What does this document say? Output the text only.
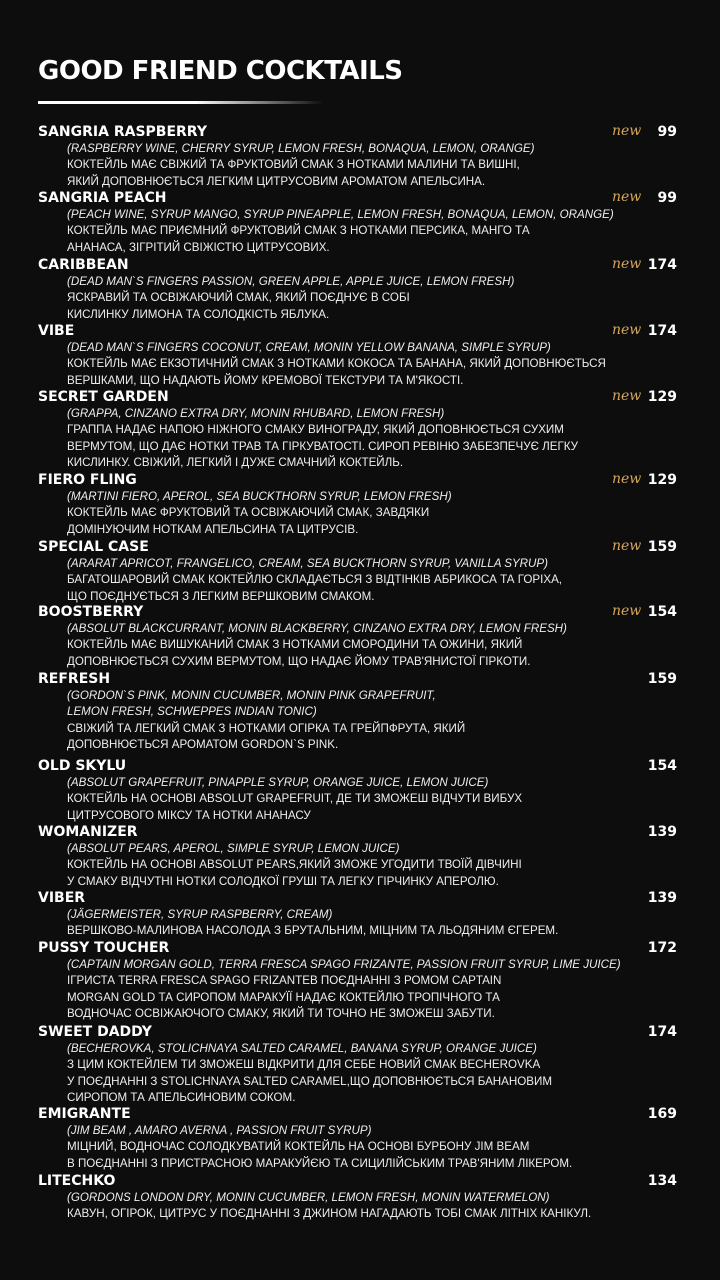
GOOD FRIEND COCKTAILS
SANGRIA RASPBERRY	new 99
(RASPBERRY WINE, CHERRY SYRUP, LEMON FRESH, BONAQUA, LEMON, ORANGE)
КОКТЕЙЛЬ МАЄ СВІЖИЙ ТА ФРУКТОВИЙ СМАК З НОТКАМИ МАЛИНИ ТА ВИШНІ,
ЯКИЙ ДОПОВНЮЄТЬСЯ ЛЕГКИМ ЦИТРУСОВИМ АРОМАТОМ АПЕЛЬСИНА.
SANGRIA PEACH	new 99
(PEACH WINE, SYRUP MANGO, SYRUP PINEAPPLE, LEMON FRESH, BONAQUA, LEMON, ORANGE)
КОКТЕЙЛЬ МАЄ ПРИЄМНИЙ ФРУКТОВИЙ СМАК З НОТКАМИ ПЕРСИКА, МАНГО ТА
АНАНАСА, ЗІГРІТИЙ СВІЖІСТЮ ЦИТРУСОВИХ.
CARIBBEAN	new 174
(DEAD MAN`S FINGERS PASSION, GREEN APPLE, APPLE JUICE, LEMON FRESH)
ЯСКРАВИЙ ТА ОСВІЖАЮЧИЙ СМАК, ЯКИЙ ПОЄДНУЄ В СОБІ
КИСЛИНКУ ЛИМОНА ТА СОЛОДКІСТЬ ЯБЛУКА.
VIBE	new 174
(DEAD MAN`S FINGERS COCONUT, CREAM, MONIN YELLOW BANANA, SIMPLE SYRUP)
КОКТЕЙЛЬ МАЄ ЕКЗОТИЧНИЙ СМАК З НОТКАМИ КОКОСА ТА БАНАНА, ЯКИЙ ДОПОВНЮЄТЬСЯ
ВЕРШКАМИ, ЩО НАДАЮТЬ ЙОМУ КРЕМОВОЇ ТЕКСТУРИ ТА М'ЯКОСТІ.
SECRET GARDEN	new 129
(GRAPPA, CINZANO EXTRA DRY, MONIN RHUBARD, LEMON FRESH)
ГРАППА НАДАЄ НАПОЮ НІЖНОГО СМАКУ ВИНОГРАДУ, ЯКИЙ ДОПОВНЮЄТЬСЯ СУХИМ
ВЕРМУТОМ, ЩО ДАЄ НОТКИ ТРАВ ТА ГІРКУВАТОСТІ. СИРОП РЕВІНЮ ЗАБЕЗПЕЧУЄ ЛЕГКУ
КИСЛИНКУ. СВІЖИЙ, ЛЕГКИЙ І ДУЖЕ СМАЧНИЙ КОКТЕЙЛЬ.
FIERO FLING	new 129
(MARTINI FIERO, APEROL, SEA BUCKTHORN SYRUP, LEMON FRESH)
КОКТЕЙЛЬ МАЄ ФРУКТОВИЙ ТА ОСВІЖАЮЧИЙ СМАК, ЗАВДЯКИ
ДОМІНУЮЧИМ НОТКАМ АПЕЛЬСИНА ТА ЦИТРУСІВ.
SPECIAL CASE	new 159
(ARARAT APRICOT, FRANGELICO, CREAM, SEA BUCKTHORN SYRUP, VANILLA SYRUP)
БАГАТОШАРОВИЙ СМАК КОКТЕЙЛЮ СКЛАДАЄТЬСЯ З ВІДТІНКІВ АБРИКОСА ТА ГОРІХА,
ЩО ПОЄДНУЄТЬСЯ З ЛЕГКИМ ВЕРШКОВИМ СМАКОМ.
BOOSTBERRY	new 154
(ABSOLUT BLACKCURRANT, MONIN BLACKBERRY, CINZANO EXTRA DRY, LEMON FRESH)
КОКТЕЙЛЬ МАЄ ВИШУКАНИЙ СМАК З НОТКАМИ СМОРОДИНИ ТА ОЖИНИ, ЯКИЙ
ДОПОВНЮЄТЬСЯ СУХИМ ВЕРМУТОМ, ЩО НАДАЄ ЙОМУ ТРАВ'ЯНИСТОЇ ГІРКОТИ.
REFRESH	159
(GORDON`S PINK, MONIN CUCUMBER, MONIN PINK GRAPEFRUIT,
LEMON FRESH, SCHWEPPES INDIAN TONIC)
СВІЖИЙ ТА ЛЕГКИЙ СМАК З НОТКАМИ ОГІРКА ТА ГРЕЙПФРУТА, ЯКИЙ
ДОПОВНЮЄТЬСЯ АРОМАТОМ GORDON`S PINK.
OLD SKYLU	154
(ABSOLUT GRAPEFRUIT, PINAPPLE SYRUP, ORANGE JUICE, LEMON JUICE)
КОКТЕЙЛЬ НА ОСНОВІ ABSOLUT GRAPEFRUIT, ДЕ ТИ ЗМОЖЕШ ВІДЧУТИ ВИБУХ
ЦИТРУСОВОГО МІКСУ ТА НОТКИ АНАНАСУ
WOMANIZER	139
(ABSOLUT PEARS, APEROL, SIMPLE SYRUP, LEMON JUICE)
КОКТЕЙЛЬ НА ОСНОВІ ABSOLUT PEARS,ЯКИЙ ЗМОЖЕ УГОДИТИ ТВОЇЙ ДІВЧИНІ
У СМАКУ ВІДЧУТНІ НОТКИ СОЛОДКОЇ ГРУШІ ТА ЛЕГКУ ГІРЧИНКУ АПЕРОЛЮ.
VIBER	139
(JÄGERMEISTER, SYRUP RASPBERRY, CREAM)
ВЕРШКОВО-МАЛИНОВА НАСОЛОДА З БРУТАЛЬНИМ, МІЦНИМ ТА ЛЬОДЯНИМ ЄГЕРЕМ.
PUSSY TOUCHER	172
(CAPTAIN MORGAN GOLD, TERRA FRESCA SPAGO FRIZANTE, PASSION FRUIT SYRUP, LIME JUICE)
ІГРИСТА TERRA FRESCA SPAGO FRIZANTEВ ПОЄДНАННІ З РОМОМ CAPTAIN
MORGAN GOLD ТА СИРОПОМ МАРАКУЇЇ НАДАЄ КОКТЕЙЛЮ ТРОПІЧНОГО ТА
ВОДНОЧАС ОСВІЖАЮЧОГО СМАКУ, ЯКИЙ ТИ ТОЧНО НЕ ЗМОЖЕШ ЗАБУТИ.
SWEET DADDY	174
(BECHEROVKA, STOLICHNAYA SALTED CARAMEL, BANANA SYRUP, ORANGE JUICE)
З ЦИМ КОКТЕЙЛЕМ ТИ ЗМОЖЕШ ВІДКРИТИ ДЛЯ СЕБЕ НОВИЙ СМАК BECHEROVKA
У ПОЄДНАННІ З STOLICHNAYA SALTED CARAMEL,ЩО ДОПОВНЮЄТЬСЯ БАНАНОВИМ
СИРОПОМ ТА АПЕЛЬСИНОВИМ СОКОМ.
EMIGRANTE	169
(JIM BEAM , AMARO AVERNA , PASSION FRUIT SYRUP)
МІЦНИЙ, ВОДНОЧАС СОЛОДКУВАТИЙ КОКТЕЙЛЬ НА ОСНОВІ БУРБОНУ JIM BEAM
В ПОЄДНАННІ З ПРИСТРАСНОЮ МАРАКУЙЄЮ ТА СИЦИЛІЙСЬКИМ ТРАВ'ЯНИМ ЛІКЕРОМ.
LITECHKO	134
(GORDONS LONDON DRY, MONIN CUCUMBER, LEMON FRESH, MONIN WATERMELON)
КАВУН, ОГІРОК, ЦИТРУС У ПОЄДНАННІ З ДЖИНОМ НАГАДАЮТЬ ТОБІ СМАК ЛІТНІХ КАНІКУЛ.
